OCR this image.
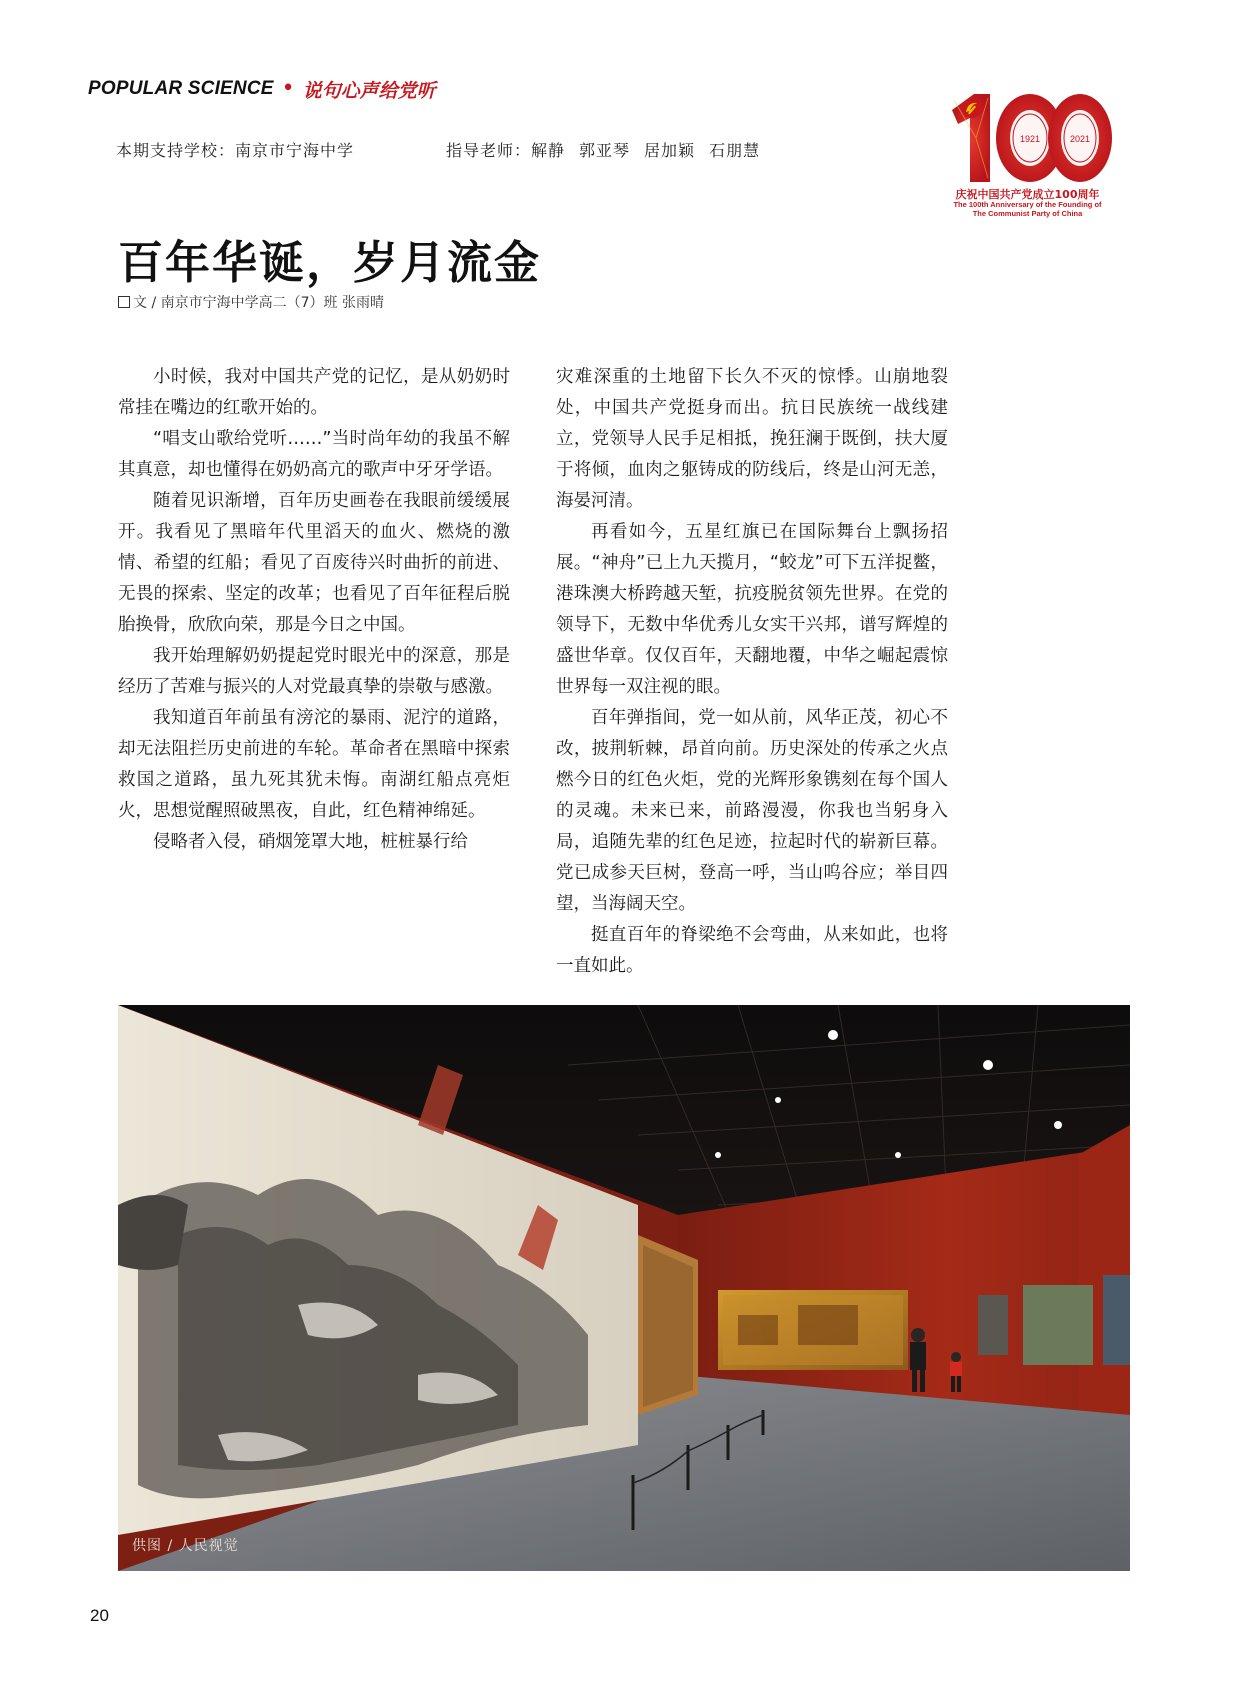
POPULAR SCIENCE • 说句心声给党听
本期支持学校：南京市宁海中学	指导老师：解静 郭亚琴 居加颖 石朋慧
1921	2021
庆祝中国共产党成立100周年
The 100th Anniversary of the Founding of
The Communist Party of China
百年华诞，岁月流金
文 / 南京市宁海中学高二（7）班 张雨晴

小时候，我对中国共产党的记忆，是从奶奶时常挂在嘴边的红歌开始的。

“唱支山歌给党听……”当时尚年幼的我虽不解其真意，却也懂得在奶奶高亢的歌声中牙牙学语。

随着见识渐增，百年历史画卷在我眼前缓缓展开。我看见了黑暗年代里滔天的血火、燃烧的激情、希望的红船；看见了百废待兴时曲折的前进、无畏的探索、坚定的改革；也看见了百年征程后脱胎换骨，欣欣向荣，那是今日之中国。

我开始理解奶奶提起党时眼光中的深意，那是经历了苦难与振兴的人对党最真挚的崇敬与感激。

我知道百年前虽有滂沱的暴雨、泥泞的道路，却无法阻拦历史前进的车轮。革命者在黑暗中探索救国之道路，虽九死其犹未悔。南湖红船点亮炬火，思想觉醒照破黑夜，自此，红色精神绵延。

侵略者入侵，硝烟笼罩大地，桩桩暴行给

灾难深重的土地留下长久不灭的惊悸。山崩地裂处，中国共产党挺身而出。抗日民族统一战线建立，党领导人民手足相抵，挽狂澜于既倒，扶大厦于将倾，血肉之躯铸成的防线后，终是山河无恙，海晏河清。

再看如今，五星红旗已在国际舞台上飘扬招展。“神舟”已上九天揽月，“蛟龙”可下五洋捉鳖，港珠澳大桥跨越天堑，抗疫脱贫领先世界。在党的领导下，无数中华优秀儿女实干兴邦，谱写辉煌的盛世华章。仅仅百年，天翻地覆，中华之崛起震惊世界每一双注视的眼。

百年弹指间，党一如从前，风华正茂，初心不改，披荆斩棘，昂首向前。历史深处的传承之火点燃今日的红色火炬，党的光辉形象镌刻在每个国人的灵魂。未来已来，前路漫漫，你我也当躬身入局，追随先辈的红色足迹，拉起时代的崭新巨幕。党已成参天巨树，登高一呼，当山呜谷应；举目四望，当海阔天空。

挺直百年的脊梁绝不会弯曲，从来如此，也将一直如此。

供图 / 人民视觉
20
